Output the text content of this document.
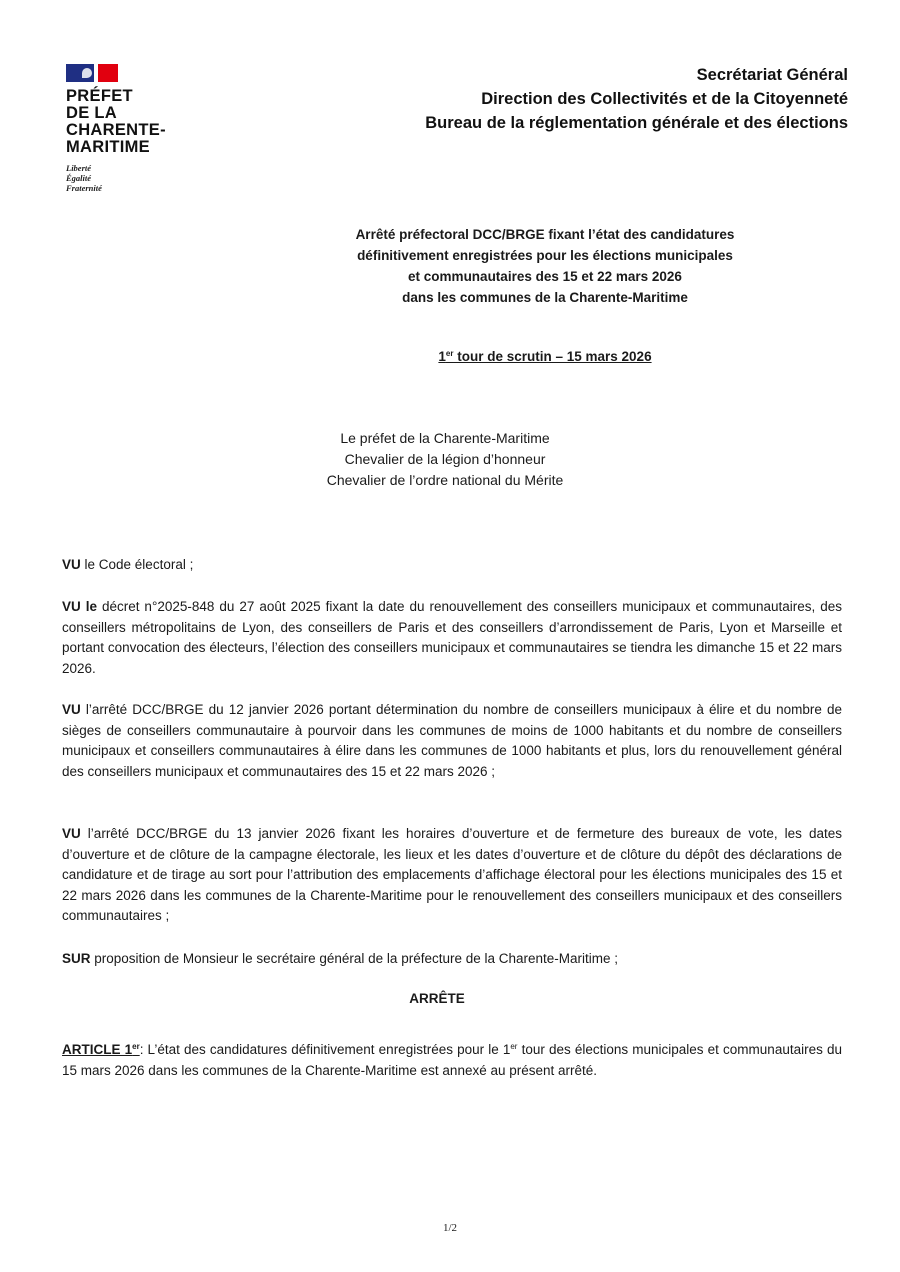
PRÉFET
DE LA
CHARENTE-
MARITIME
Liberté
Égalité
Fraternité
Secrétariat Général
Direction des Collectivités et de la Citoyenneté
Bureau de la réglementation générale et des élections
Arrêté préfectoral DCC/BRGE fixant l’état des candidatures
définitivement enregistrées pour les élections municipales
et communautaires des 15 et 22 mars 2026
dans les communes de la Charente-Maritime
1er tour de scrutin – 15 mars 2026
Le préfet de la Charente-Maritime
Chevalier de la légion d’honneur
Chevalier de l’ordre national du Mérite

VU le Code électoral ;

VU le décret n°2025-848 du 27 août 2025 fixant la date du renouvellement des conseillers municipaux et communautaires, des conseillers métropolitains de Lyon, des conseillers de Paris et des conseillers d’arrondissement de Paris, Lyon et Marseille et portant convocation des électeurs, l’élection des conseillers municipaux et communautaires se tiendra les dimanche 15 et 22 mars 2026.

VU l’arrêté DCC/BRGE du 12 janvier 2026 portant détermination du nombre de conseillers municipaux à élire et du nombre de sièges de conseillers communautaire à pourvoir dans les communes de moins de 1000 habitants et du nombre de conseillers municipaux et conseillers communautaires à élire dans les communes de 1000 habitants et plus, lors du renouvellement général des conseillers municipaux et communautaires des 15 et 22 mars 2026 ;

VU l’arrêté DCC/BRGE du 13 janvier 2026 fixant les horaires d’ouverture et de fermeture des bureaux de vote, les dates d’ouverture et de clôture de la campagne électorale, les lieux et les dates d’ouverture et de clôture du dépôt des déclarations de candidature et de tirage au sort pour l’attribution des emplacements d’affichage électoral pour les élections municipales des 15 et 22 mars 2026 dans les communes de la Charente-Maritime pour le renouvellement des conseillers municipaux et des conseillers communautaires ;

SUR proposition de Monsieur le secrétaire général de la préfecture de la Charente-Maritime ;

ARRÊTE

ARTICLE 1er: L’état des candidatures définitivement enregistrées pour le 1er tour des élections municipales et communautaires du 15 mars 2026 dans les communes de la Charente-Maritime est annexé au présent arrêté.

1/2
